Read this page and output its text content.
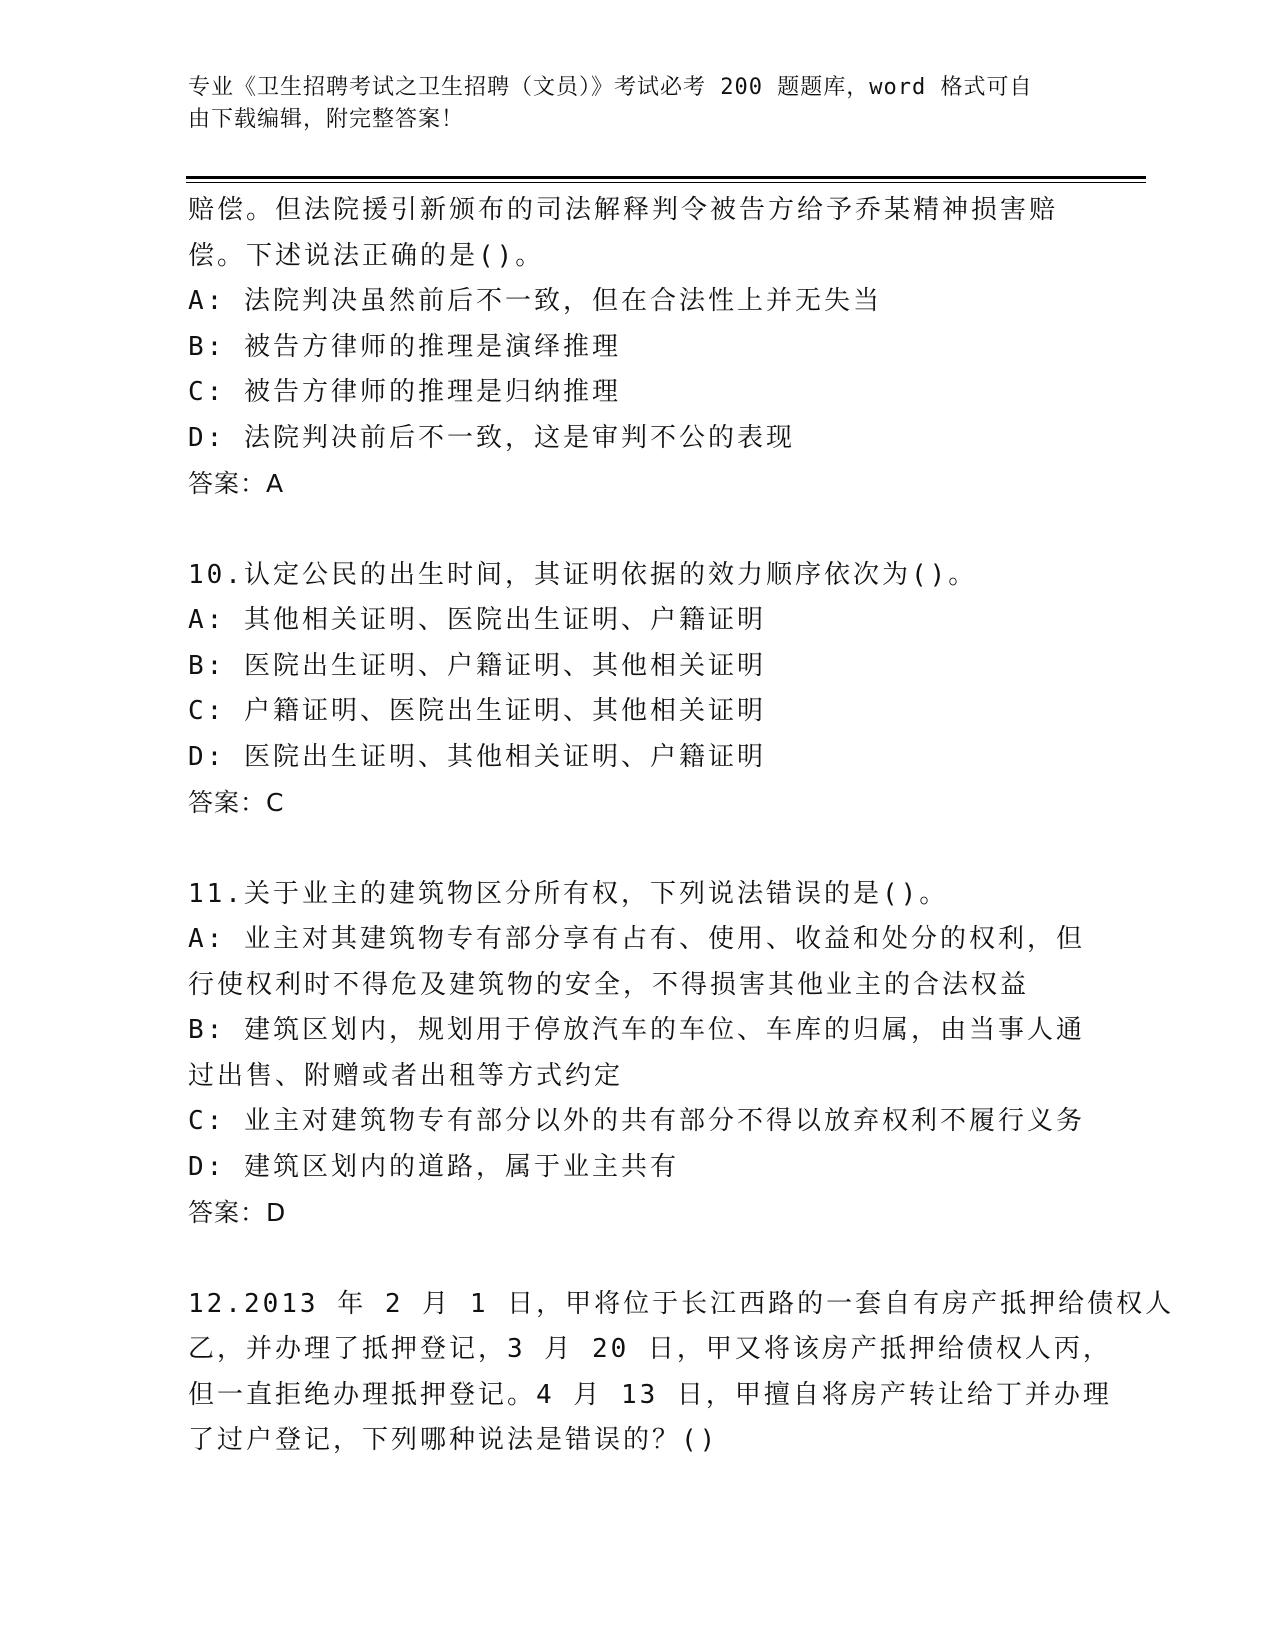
专业《卫生招聘考试之卫生招聘（文员）》考试必考 200 题题库，word 格式可自
由下载编辑，附完整答案！
赔偿。但法院援引新颁布的司法解释判令被告方给予乔某精神损害赔
偿。下述说法正确的是()。
A: 法院判决虽然前后不一致，但在合法性上并无失当
B: 被告方律师的推理是演绎推理
C: 被告方律师的推理是归纳推理
D: 法院判决前后不一致，这是审判不公的表现
答案：A
10.认定公民的出生时间，其证明依据的效力顺序依次为()。
A: 其他相关证明、医院出生证明、户籍证明
B: 医院出生证明、户籍证明、其他相关证明
C: 户籍证明、医院出生证明、其他相关证明
D: 医院出生证明、其他相关证明、户籍证明
答案：C
11.关于业主的建筑物区分所有权，下列说法错误的是()。
A: 业主对其建筑物专有部分享有占有、使用、收益和处分的权利，但
行使权利时不得危及建筑物的安全，不得损害其他业主的合法权益
B: 建筑区划内，规划用于停放汽车的车位、车库的归属，由当事人通
过出售、附赠或者出租等方式约定
C: 业主对建筑物专有部分以外的共有部分不得以放弃权利不履行义务
D: 建筑区划内的道路，属于业主共有
答案：D
12.2013 年 2 月 1 日，甲将位于长江西路的一套自有房产抵押给债权人
乙，并办理了抵押登记，3 月 20 日，甲又将该房产抵押给债权人丙，
但一直拒绝办理抵押登记。4 月 13 日，甲擅自将房产转让给丁并办理
了过户登记，下列哪种说法是错误的？()
